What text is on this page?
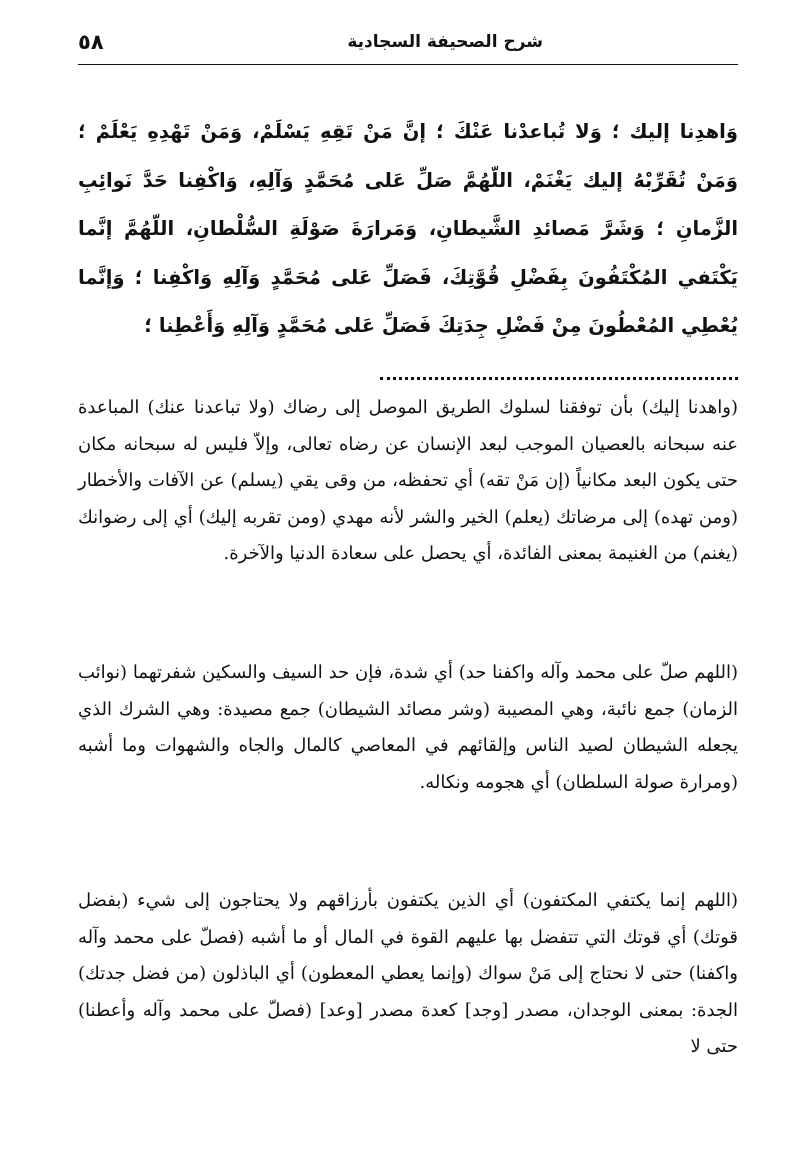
٥٨	شرح الصحيفة السجادية

وَاهدِنا إليك ؛ وَلا تُباعدْنا عَنْكَ ؛ إنَّ مَنْ تَقِهِ يَسْلَمْ، وَمَنْ تَهْدِهِ يَعْلَمْ ؛ وَمَنْ تُقَرِّبْهُ إليك يَغْنَمْ، اللّهُمَّ صَلِّ عَلى مُحَمَّدٍ وَآلِهِ، وَاكْفِنا حَدَّ نَوائِبِ الزَّمانِ ؛ وَشَرَّ مَصائدِ الشَّيطانِ، وَمَرارَةَ صَوْلَةِ السُّلْطانِ، اللّهُمَّ إنَّما يَكْتَفي المُكْتَفُونَ بِفَضْلِ قُوَّتِكَ، فَصَلِّ عَلى مُحَمَّدٍ وَآلِهِ وَاكْفِنا ؛ وَإنَّما يُعْطِي المُعْطُونَ مِنْ فَضْلِ جِدَتِكَ فَصَلِّ عَلى مُحَمَّدٍ وَآلِهِ وَأَعْطِنا ؛

(واهدنا إليك) بأن توفقنا لسلوك الطريق الموصل إلى رضاك (ولا تباعدنا عنك) المباعدة عنه سبحانه بالعصيان الموجب لبعد الإنسان عن رضاه تعالى، وإلاّ فليس له سبحانه مكان حتى يكون البعد مكانياً (إن مَنْ تقه) أي تحفظه، من وقى يقي (يسلم) عن الآفات والأخطار (ومن تهده) إلى مرضاتك (يعلم) الخير والشر لأنه مهدي (ومن تقربه إليك) أي إلى رضوانك (يغنم) من الغنيمة بمعنى الفائدة، أي يحصل على سعادة الدنيا والآخرة.

(اللهم صلّ على محمد وآله واكفنا حد) أي شدة، فإن حد السيف والسكين شفرتهما (نوائب الزمان) جمع نائبة، وهي المصيبة (وشر مصائد الشيطان) جمع مصيدة: وهي الشرك الذي يجعله الشيطان لصيد الناس وإلقائهم في المعاصي كالمال والجاه والشهوات وما أشبه (ومرارة صولة السلطان) أي هجومه ونكاله.

(اللهم إنما يكتفي المكتفون) أي الذين يكتفون بأرزاقهم ولا يحتاجون إلى شيء (بفضل قوتك) أي قوتك التي تتفضل بها عليهم القوة في المال أو ما أشبه (فصلّ على محمد وآله واكفنا) حتى لا نحتاج إلى مَنْ سواك (وإنما يعطي المعطون) أي الباذلون (من فضل جدتك) الجدة: بمعنى الوجدان، مصدر [وجد] كعدة مصدر [وعد] (فصلّ على محمد وآله وأعطنا) حتى لا
